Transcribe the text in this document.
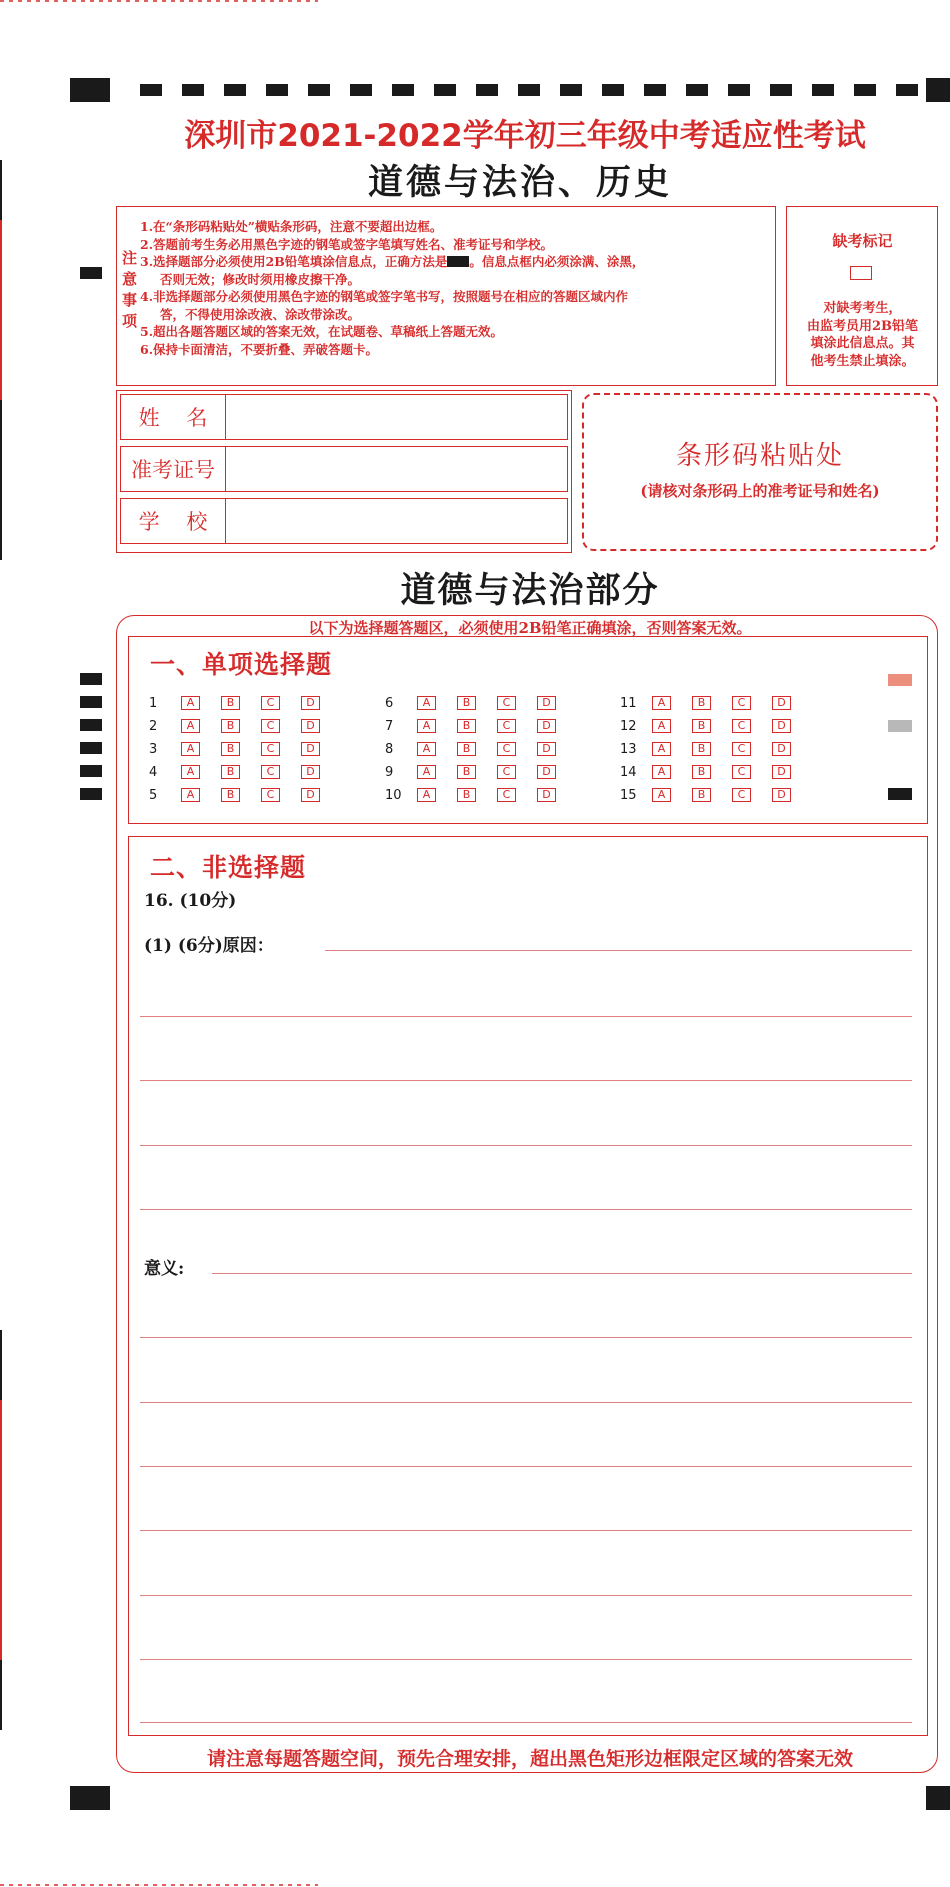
深圳市2021-2022学年初三年级中考适应性考试
道德与法治、历史
注
意
事
项
1.在“条形码粘贴处”横贴条形码，注意不要超出边框。
2.答题前考生务必用黑色字迹的钢笔或签字笔填写姓名、准考证号和学校。
3.选择题部分必须使用2B铅笔填涂信息点，正确方法是 。信息点框内必须涂满、涂黑，
否则无效；修改时须用橡皮擦干净。
4.非选择题部分必须使用黑色字迹的钢笔或签字笔书写，按照题号在相应的答题区域内作
答，不得使用涂改液、涂改带涂改。
5.超出各题答题区域的答案无效，在试题卷、草稿纸上答题无效。
6.保持卡面清洁，不要折叠、弄破答题卡。
缺考标记
对缺考考生，
由监考员用2B铅笔
填涂此信息点。其
他考生禁止填涂。
姓    名
准考证号
学    校
条形码粘贴处
(请核对条形码上的准考证号和姓名)
道德与法治部分
以下为选择题答题区，必须使用2B铅笔正确填涂，否则答案无效。
一、单项选择题
1	A	B	C	D
2	A	B	C	D
3	A	B	C	D
4	A	B	C	D
5	A	B	C	D
6	A	B	C	D
7	A	B	C	D
8	A	B	C	D
9	A	B	C	D
10	A	B	C	D
11	A	B	C	D
12	A	B	C	D
13	A	B	C	D
14	A	B	C	D
15	A	B	C	D
二、非选择题
16. (10分)
(1) (6分)原因：
意义:
请注意每题答题空间，预先合理安排，超出黑色矩形边框限定区域的答案无效
